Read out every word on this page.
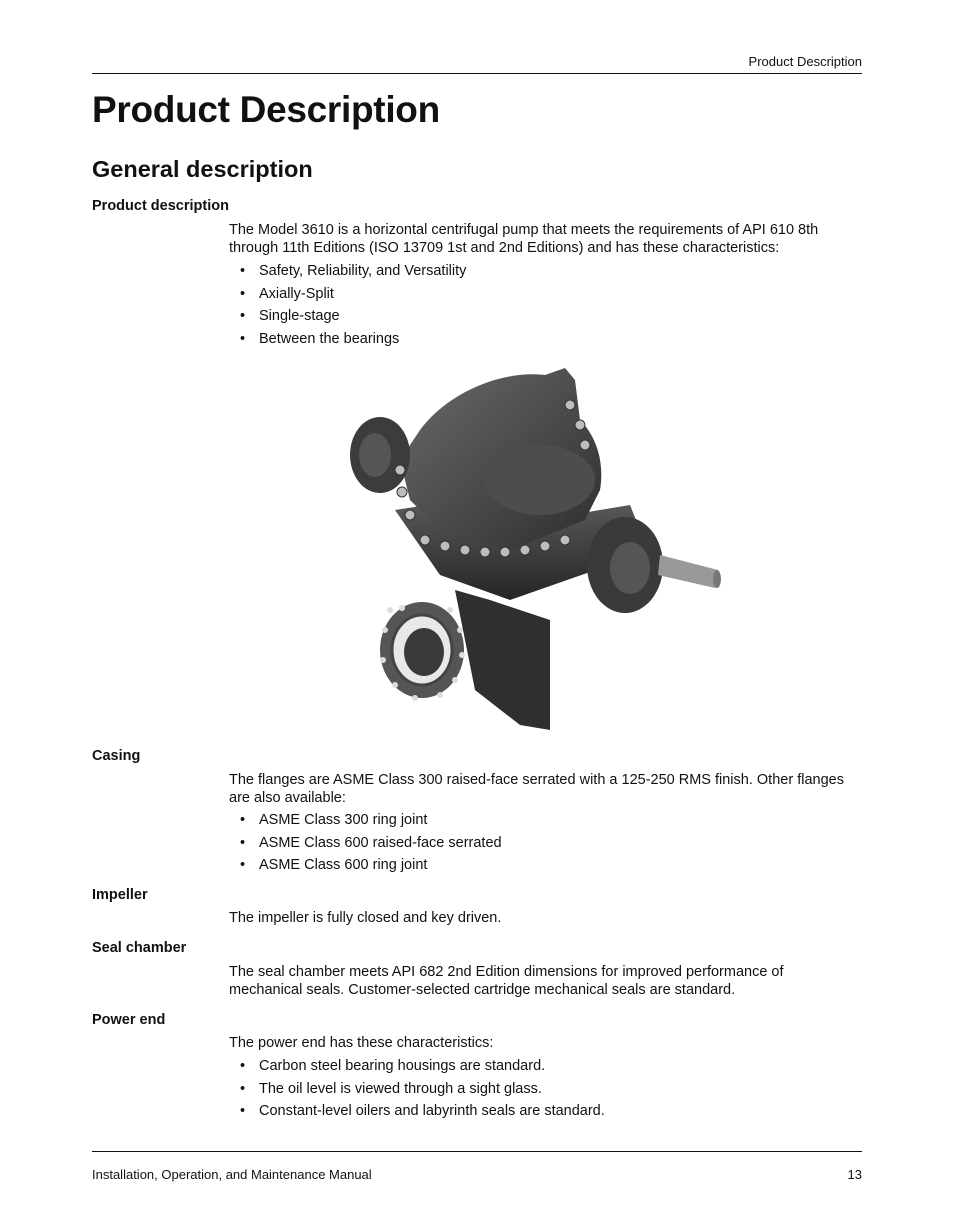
Product Description
Product Description
General description
Product description
The Model 3610 is a horizontal centrifugal pump that meets the requirements of API 610 8th through 11th Editions (ISO 13709 1st and 2nd Editions) and has these characteristics:
• Safety, Reliability, and Versatility
• Axially-Split
• Single-stage
• Between the bearings
Casing
The flanges are ASME Class 300 raised-face serrated with a 125-250 RMS finish. Other flanges are also available:
• ASME Class 300 ring joint
• ASME Class 600 raised-face serrated
• ASME Class 600 ring joint
Impeller
The impeller is fully closed and key driven.
Seal chamber
The seal chamber meets API 682 2nd Edition dimensions for improved performance of mechanical seals. Customer-selected cartridge mechanical seals are standard.
Power end
The power end has these characteristics:
• Carbon steel bearing housings are standard.
• The oil level is viewed through a sight glass.
• Constant-level oilers and labyrinth seals are standard.
Installation, Operation, and Maintenance Manual	13
